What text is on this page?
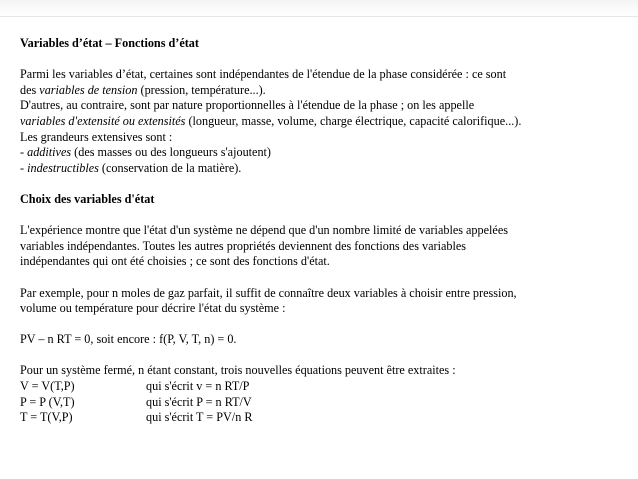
Variables d’état – Fonctions d’état
Parmi les variables d’état, certaines sont indépendantes de l'étendue de la phase considérée : ce sont
des variables de tension (pression, température...).
D'autres, au contraire, sont par nature proportionnelles à l'étendue de la phase ; on les appelle
variables d'extensité ou extensités (longueur, masse, volume, charge électrique, capacité calorifique...).
Les grandeurs extensives sont :
- additives (des masses ou des longueurs s'ajoutent)
- indestructibles (conservation de la matière).
Choix des variables d'état
L'expérience montre que l'état d'un système ne dépend que d'un nombre limité de variables appelées
variables indépendantes. Toutes les autres propriétés deviennent des fonctions des variables
indépendantes qui ont été choisies ; ce sont des fonctions d'état.
Par exemple, pour n moles de gaz parfait, il suffit de connaître deux variables à choisir entre pression,
volume ou température pour décrire l'état du système :
PV – n RT = 0, soit encore : f(P, V, T, n) = 0.
Pour un système fermé, n étant constant, trois nouvelles équations peuvent être extraites :
V = V(T,P)	qui s'écrit v = n RT/P
P = P (V,T)	qui s'écrit P = n RT/V
T = T(V,P)	qui s'écrit T = PV/n R
